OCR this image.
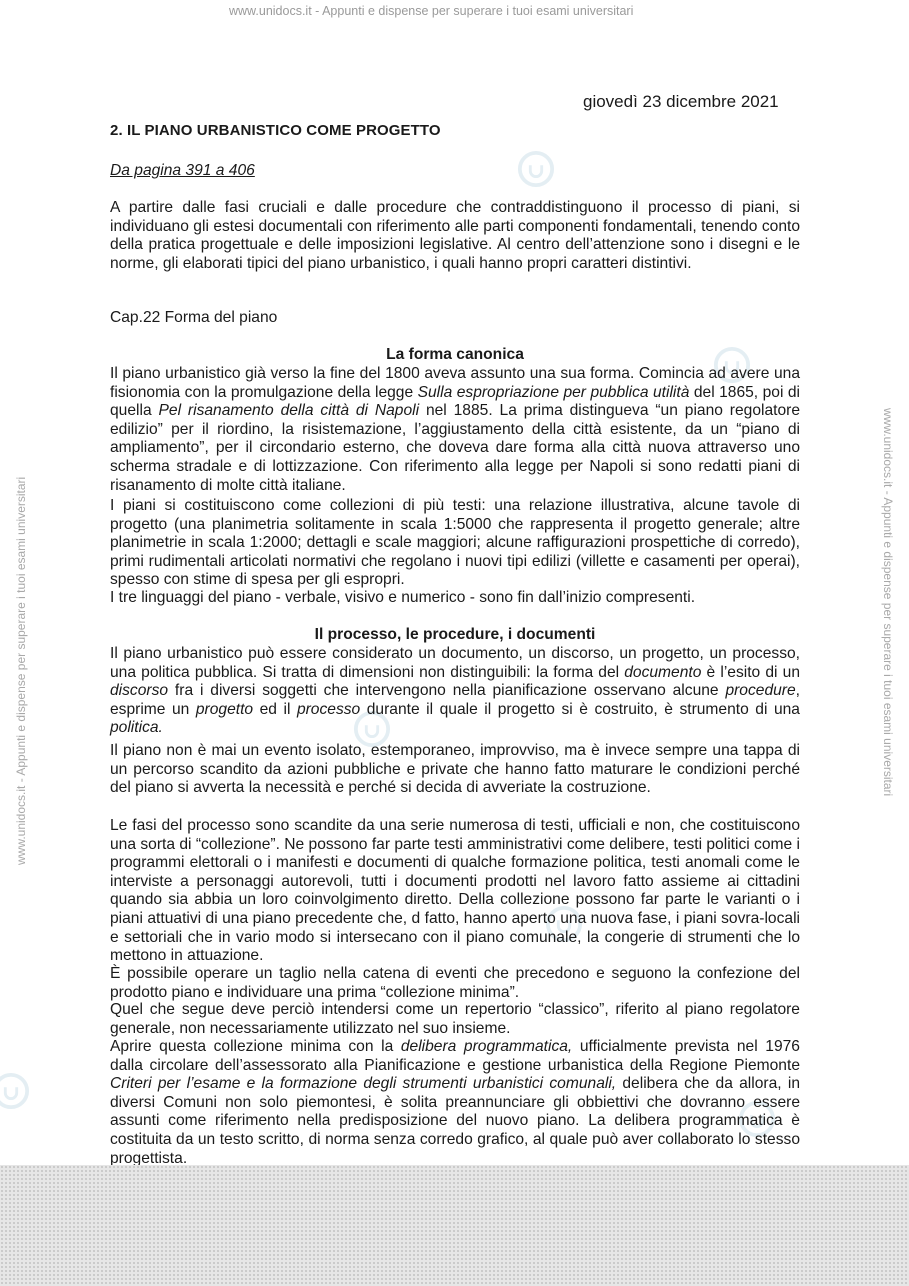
www.unidocs.it - Appunti e dispense per superare i tuoi esami universitari
www.unidocs.it - Appunti e dispense per superare i tuoi esami universitari	www.unidocs.it - Appunti e dispense per superare i tuoi esami universitari
giovedì 23 dicembre 2021
2. IL PIANO URBANISTICO COME PROGETTO
Da pagina 391 a 406

A partire dalle fasi cruciali e dalle procedure che contraddistinguono il processo di piani, si individuano gli estesi documentali con riferimento alle parti componenti fondamentali, tenendo conto della pratica progettuale e delle imposizioni legislative. Al centro dell’attenzione sono i disegni e le norme, gli elaborati tipici del piano urbanistico, i quali hanno propri caratteri distintivi.

Cap.22 Forma del piano
La forma canonica

Il piano urbanistico già verso la fine del 1800 aveva assunto una sua forma. Comincia ad avere una fisionomia con la promulgazione della legge Sulla espropriazione per pubblica utilità del 1865, poi di quella Pel risanamento della città di Napoli nel 1885. La prima distingueva “un piano regolatore edilizio” per il riordino, la risistemazione, l’aggiustamento della città esistente, da un “piano di ampliamento”, per il circondario esterno, che doveva dare forma alla città nuova attraverso uno scherma stradale e di lottizzazione. Con riferimento alla legge per Napoli si sono redatti piani di risanamento di molte città italiane.

I piani si costituiscono come collezioni di più testi: una relazione illustrativa, alcune tavole di progetto (una planimetria solitamente in scala 1:5000 che rappresenta il progetto generale; altre planimetrie in scala 1:2000; dettagli e scale maggiori; alcune raffigurazioni prospettiche di corredo), primi rudimentali articolati normativi che regolano i nuovi tipi edilizi (villette e casamenti per operai), spesso con stime di spesa per gli espropri.

I tre linguaggi del piano - verbale, visivo e numerico - sono fin dall’inizio compresenti.

Il processo, le procedure, i documenti

Il piano urbanistico può essere considerato un documento, un discorso, un progetto, un processo, una politica pubblica. Si tratta di dimensioni non distinguibili: la forma del documento è l’esito di un discorso fra i diversi soggetti che intervengono nella pianificazione osservano alcune procedure, esprime un progetto ed il processo durante il quale il progetto si è costruito, è strumento di una politica.

Il piano non è mai un evento isolato, estemporaneo, improvviso, ma è invece sempre una tappa di un percorso scandito da azioni pubbliche e private che hanno fatto maturare le condizioni perché del piano si avverta la necessità e perché si decida di avveriate la costruzione.

Le fasi del processo sono scandite da una serie numerosa di testi, ufficiali e non, che costituiscono una sorta di “collezione”. Ne possono far parte testi amministrativi come delibere, testi politici come i programmi elettorali o i manifesti e documenti di qualche formazione politica, testi anomali come le interviste a personaggi autorevoli, tutti i documenti prodotti nel lavoro fatto assieme ai cittadini quando sia abbia un loro coinvolgimento diretto. Della collezione possono far parte le varianti o i piani attuativi di una piano precedente che, d fatto, hanno aperto una nuova fase, i piani sovra-locali e settoriali che in vario modo si intersecano con il piano comunale, la congerie di strumenti che lo mettono in attuazione.

È possibile operare un taglio nella catena di eventi che precedono e seguono la confezione del prodotto piano e individuare una prima “collezione minima”.

Quel che segue deve perciò intendersi come un repertorio “classico”, riferito al piano regolatore generale, non necessariamente utilizzato nel suo insieme.

Aprire questa collezione minima con la delibera programmatica, ufficialmente prevista nel 1976 dalla circolare dell’assessorato alla Pianificazione e gestione urbanistica della Regione Piemonte Criteri per l’esame e la formazione degli strumenti urbanistici comunali, delibera che da allora, in diversi Comuni non solo piemontesi, è solita preannunciare gli obbiettivi che dovranno essere assunti come riferimento nella predisposizione del nuovo piano. La delibera programmatica è costituita da un testo scritto, di norma senza corredo grafico, al quale può aver collaborato lo stesso progettista.
